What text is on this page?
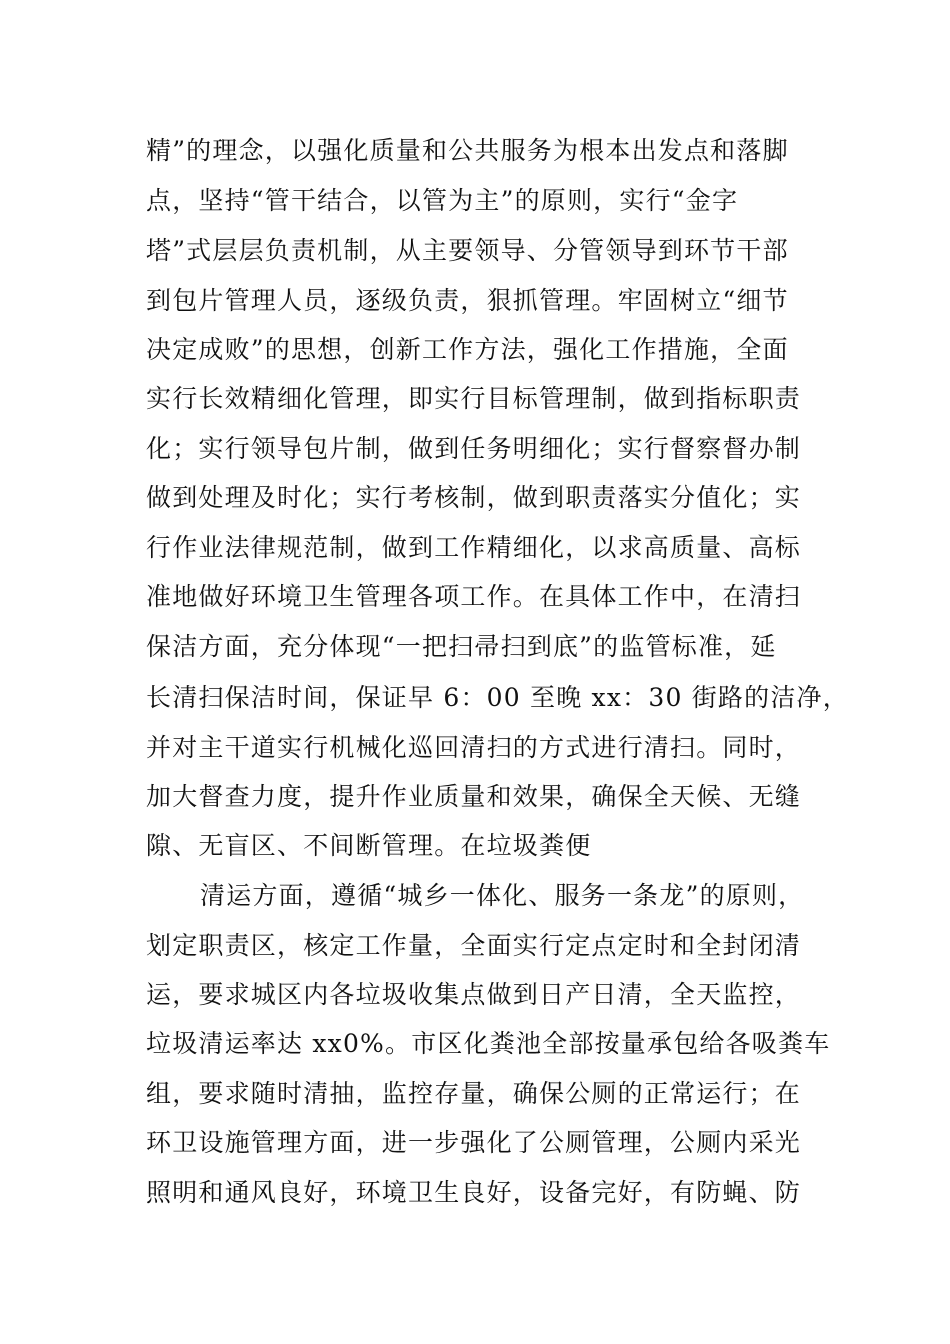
精”的理念，以强化质量和公共服务为根本出发点和落脚
点，坚持“管干结合，以管为主”的原则，实行“金字
塔”式层层负责机制，从主要领导、分管领导到环节干部
到包片管理人员，逐级负责，狠抓管理。牢固树立“细节
决定成败”的思想，创新工作方法，强化工作措施，全面
实行长效精细化管理，即实行目标管理制，做到指标职责
化；实行领导包片制，做到任务明细化；实行督察督办制
做到处理及时化；实行考核制，做到职责落实分值化；实
行作业法律规范制，做到工作精细化，以求高质量、高标
准地做好环境卫生管理各项工作。在具体工作中，在清扫
保洁方面，充分体现“一把扫帚扫到底”的监管标准，延
长清扫保洁时间，保证早 6：00 至晚 xx：30 街路的洁净，
并对主干道实行机械化巡回清扫的方式进行清扫。同时，
加大督查力度，提升作业质量和效果，确保全天候、无缝
隙、无盲区、不间断管理。在垃圾粪便
清运方面，遵循“城乡一体化、服务一条龙”的原则，
划定职责区，核定工作量，全面实行定点定时和全封闭清
运，要求城区内各垃圾收集点做到日产日清，全天监控，
垃圾清运率达 xx0%。市区化粪池全部按量承包给各吸粪车
组，要求随时清抽，监控存量，确保公厕的正常运行；在
环卫设施管理方面，进一步强化了公厕管理，公厕内采光
照明和通风良好，环境卫生良好，设备完好，有防蝇、防
